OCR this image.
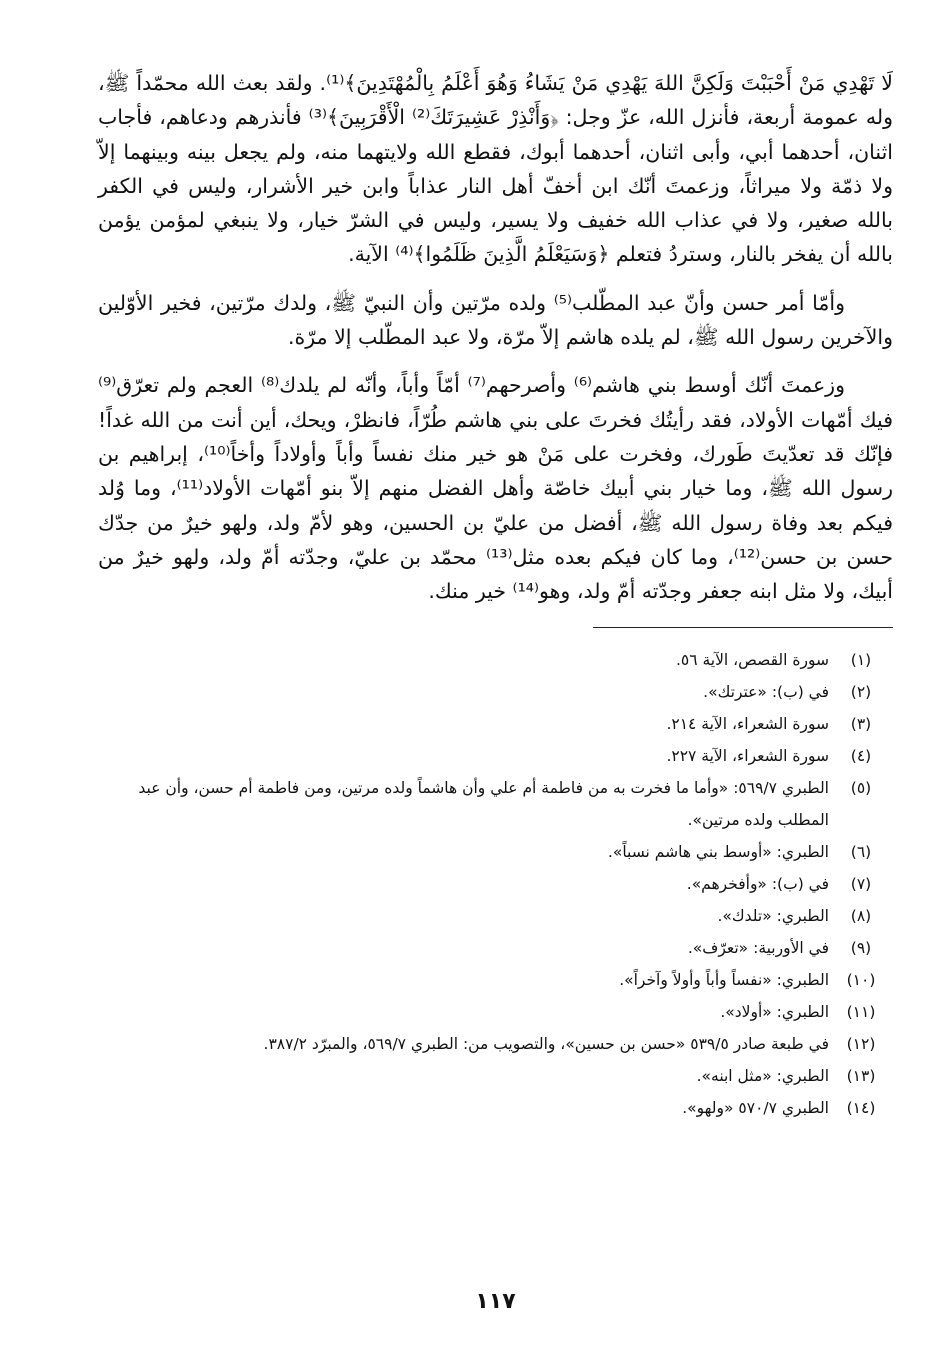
لَا تَهْدِي مَنْ أَحْبَبْتَ وَلَكِنَّ اللهَ يَهْدِي مَنْ يَشَاءُ وَهُوَ أَعْلَمُ بِالْمُهْتَدِينَ﴾⁽¹⁾. ولقد بعث الله محمّداً ﷺ، وله عمومة أربعة، فأنزل الله، عزّ وجل: ﴿وَأَنْذِرْ عَشِيرَتَكَ⁽²⁾ الْأَقْرَبِينَ﴾⁽³⁾ فأنذرهم ودعاهم، فأجاب اثنان، أحدهما أبي، وأبى اثنان، أحدهما أبوك، فقطع الله ولايتهما منه، ولم يجعل بينه وبينهما إلاّ ولا ذمّة ولا ميراثاً، وزعمتَ أنّك ابن أخفّ أهل النار عذاباً وابن خير الأشرار، وليس في الكفر بالله صغير، ولا في عذاب الله خفيف ولا يسير، وليس في الشرّ خيار، ولا ينبغي لمؤمن يؤمن بالله أن يفخر بالنار، وستردُ فتعلم ﴿وَسَيَعْلَمُ الَّذِينَ ظَلَمُوا﴾⁽⁴⁾ الآية.

وأمّا أمر حسن وأنّ عبد المطّلب⁽⁵⁾ ولده مرّتين وأن النبيّ ﷺ، ولدك مرّتين، فخير الأوّلين والآخرين رسول الله ﷺ، لم يلده هاشم إلاّ مرّة، ولا عبد المطّلب إلا مرّة.

وزعمتَ أنّك أوسط بني هاشم⁽⁶⁾ وأصرحهم⁽⁷⁾ أمّاً وأباً، وأنّه لم يلدك⁽⁸⁾ العجم ولم تعرّق⁽⁹⁾ فيك أمّهات الأولاد، فقد رأيتُك فخرتَ على بني هاشم طُرّاً، فانظرْ، ويحك، أين أنت من الله غداً! فإنّك قد تعدّيتَ طَورك، وفخرت على مَنْ هو خير منك نفساً وأباً وأولاداً وأخاً⁽¹⁰⁾، إبراهيم بن رسول الله ﷺ، وما خيار بني أبيك خاصّة وأهل الفضل منهم إلاّ بنو أمّهات الأولاد⁽¹¹⁾، وما وُلد فيكم بعد وفاة رسول الله ﷺ، أفضل من عليّ بن الحسين، وهو لأمّ ولد، ولهو خيرٌ من جدّك حسن بن حسن⁽¹²⁾، وما كان فيكم بعده مثل⁽¹³⁾ محمّد بن عليّ، وجدّته أمّ ولد، ولهو خيرٌ من أبيك، ولا مثل ابنه جعفر وجدّته أمّ ولد، وهو⁽¹⁴⁾ خير منك.

(١)
سورة القصص، الآية ٥٦.
(٢)
في (ب): «عترتك».
(٣)
سورة الشعراء، الآية ٢١٤.
(٤)
سورة الشعراء، الآية ٢٢٧.
(٥)
الطبري ٥٦٩/٧: «وأما ما فخرت به من فاطمة أم علي وأن هاشماً ولده مرتين، ومن فاطمة أم حسن، وأن عبد المطلب ولده مرتين».
(٦)
الطبري: «أوسط بني هاشم نسباً».
(٧)
في (ب): «وأفخرهم».
(٨)
الطبري: «تلدك».
(٩)
في الأوربية: «تعرّف».
(١٠)
الطبري: «نفساً وأباً وأولاً وآخراً».
(١١)
الطبري: «أولاد».
(١٢)
في طبعة صادر ٥٣٩/٥ «حسن بن حسين»، والتصويب من: الطبري ٥٦٩/٧، والمبرّد ٣٨٧/٢.
(١٣)
الطبري: «مثل ابنه».
(١٤)
الطبري ٥٧٠/٧ «ولهو».
١١٧
